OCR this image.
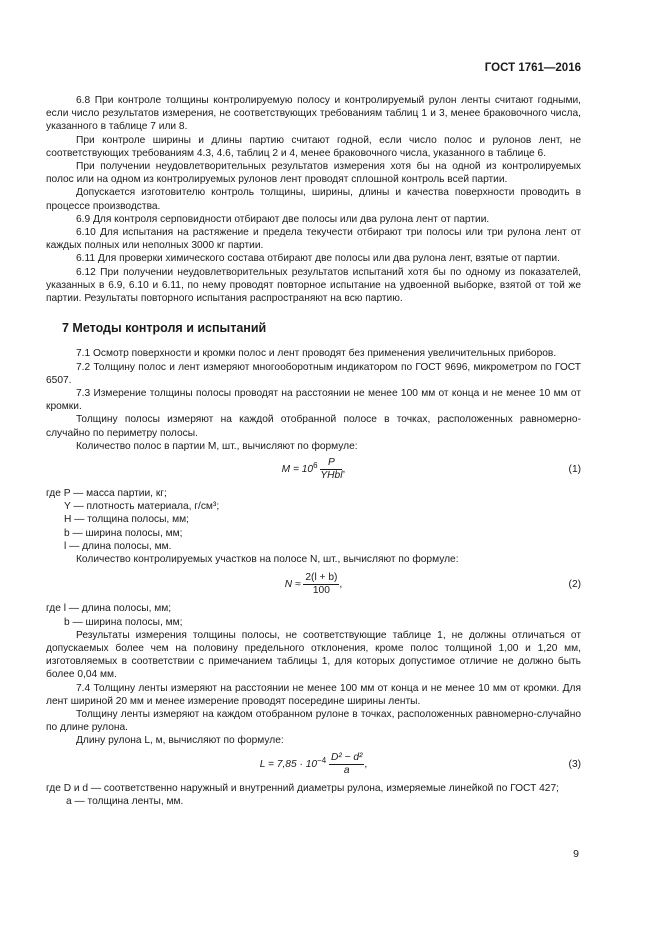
ГОСТ 1761—2016

6.8 При контроле толщины контролируемую полосу и контролируемый рулон ленты считают годными, если число результатов измерения, не соответствующих требованиям таблиц 1 и 3, менее браковочного числа, указанного в таблице 7 или 8.

При контроле ширины и длины партию считают годной, если число полос и рулонов лент, не соответствующих требованиям 4.3, 4.6, таблиц 2 и 4, менее браковочного числа, указанного в таблице 6.

При получении неудовлетворительных результатов измерения хотя бы на одной из контролируемых полос или на одном из контролируемых рулонов лент проводят сплошной контроль всей партии.

Допускается изготовителю контроль толщины, ширины, длины и качества поверхности проводить в процессе производства.

6.9 Для контроля серповидности отбирают две полосы или два рулона лент от партии.

6.10 Для испытания на растяжение и предела текучести отбирают три полосы или три рулона лент от каждых полных или неполных 3000 кг партии.

6.11 Для проверки химического состава отбирают две полосы или два рулона лент, взятые от партии.

6.12 При получении неудовлетворительных результатов испытаний хотя бы по одному из показателей, указанных в 6.9, 6.10 и 6.11, по нему проводят повторное испытание на удвоенной выборке, взятой от той же партии. Результаты повторного испытания распространяют на всю партию.

7 Методы контроля и испытаний

7.1 Осмотр поверхности и кромки полос и лент проводят без применения увеличительных приборов.

7.2 Толщину полос и лент измеряют многооборотным индикатором по ГОСТ 9696, микрометром по ГОСТ 6507.

7.3 Измерение толщины полосы проводят на расстоянии не менее 100 мм от конца и не менее 10 мм от кромки.

Толщину полосы измеряют на каждой отобранной полосе в точках, расположенных равномерно-случайно по периметру полосы.

Количество полос в партии M, шт., вычисляют по формуле:

$M = 10^6 \frac{P}{\text{YHbl}}$ ,	(1)

где P — масса партии, кг;

Y — плотность материала, г/см³;

H — толщина полосы, мм;

b — ширина полосы, мм;

l — длина полосы, мм.

Количество контролируемых участков на полосе N, шт., вычисляют по формуле:

$N \approx \frac{2(l + b)}{100}$ ,	(2)

где l — длина полосы, мм;

b — ширина полосы, мм;

Результаты измерения толщины полосы, не соответствующие таблице 1, не должны отличаться от допускаемых более чем на половину предельного отклонения, кроме полос толщиной 1,00 и 1,20 мм, изготовляемых в соответствии с примечанием таблицы 1, для которых допустимое отличие не должно быть более 0,04 мм.

7.4 Толщину ленты измеряют на расстоянии не менее 100 мм от конца и не менее 10 мм от кромки. Для лент шириной 20 мм и менее измерение проводят посередине ширины ленты.

Толщину ленты измеряют на каждом отобранном рулоне в точках, расположенных равномерно-случайно по длине рулона.

Длину рулона L, м, вычисляют по формуле:

$L = 7,85 \cdot 10^{-4} \frac{\text{D² − d²}}{a}$ ,	(3)

где D и d — соответственно наружный и внутренний диаметры рулона, измеряемые линейкой по ГОСТ 427;

a — толщина ленты, мм.

9
